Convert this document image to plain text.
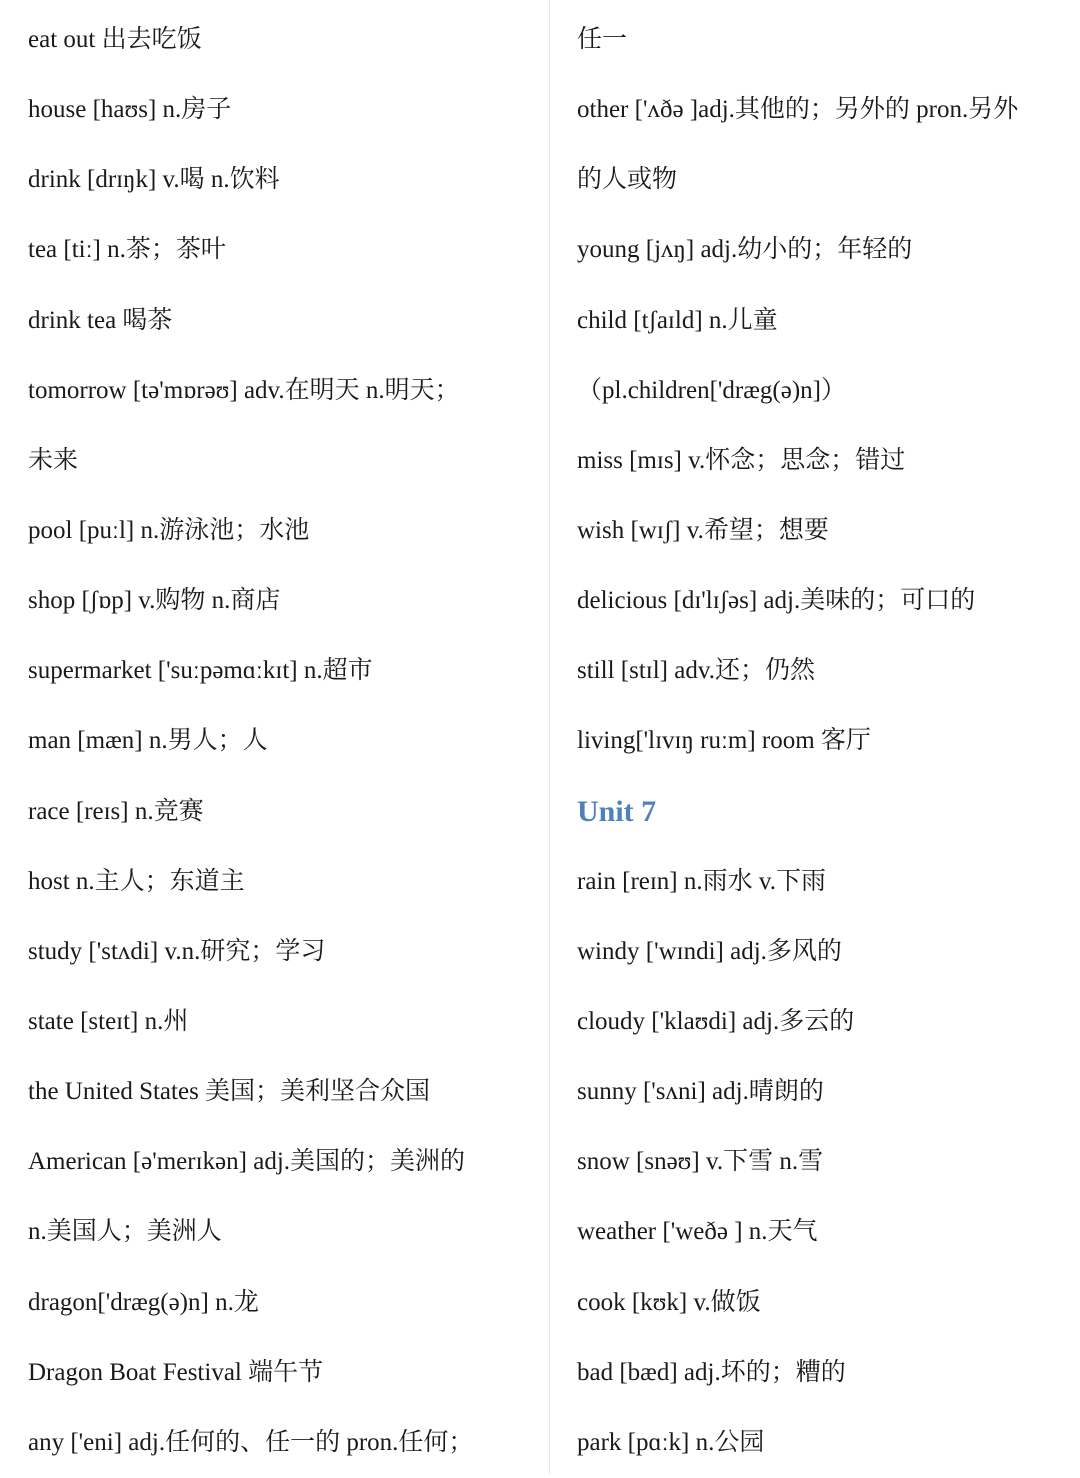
eat out 出去吃饭
house [haʊs] n.房子
drink [drɪŋk] v.喝 n.饮料
tea [tiː] n.茶；茶叶
drink tea 喝茶
tomorrow [tə'mɒrəʊ] adv.在明天 n.明天；
未来
pool [puːl] n.游泳池；水池
shop [ʃɒp] v.购物 n.商店
supermarket ['suːpəmɑːkɪt] n.超市
man [mæn] n.男人；人
race [reɪs] n.竞赛
host n.主人；东道主
study ['stʌdi] v.n.研究；学习
state [steɪt] n.州
the United States 美国；美利坚合众国
American [ə'merɪkən] adj.美国的；美洲的
n.美国人；美洲人
dragon['dræg(ə)n] n.龙
Dragon Boat Festival 端午节
any ['eni] adj.任何的、任一的 pron.任何；
任一
other ['ʌðə ]adj.其他的；另外的 pron.另外
的人或物
young [jʌŋ] adj.幼小的；年轻的
child [tʃaɪld] n.儿童
（pl.children['dræg(ə)n]）
miss [mɪs] v.怀念；思念；错过
wish [wɪʃ] v.希望；想要
delicious [dɪ'lɪʃəs] adj.美味的；可口的
still [stɪl] adv.还；仍然
living['lɪvɪŋ ruːm] room 客厅
Unit 7
rain [reɪn] n.雨水 v.下雨
windy ['wɪndi] adj.多风的
cloudy ['klaʊdi] adj.多云的
sunny ['sʌni] adj.晴朗的
snow [snəʊ] v.下雪 n.雪
weather ['weðə ] n.天气
cook [kʊk] v.做饭
bad [bæd] adj.坏的；糟的
park [pɑːk] n.公园
